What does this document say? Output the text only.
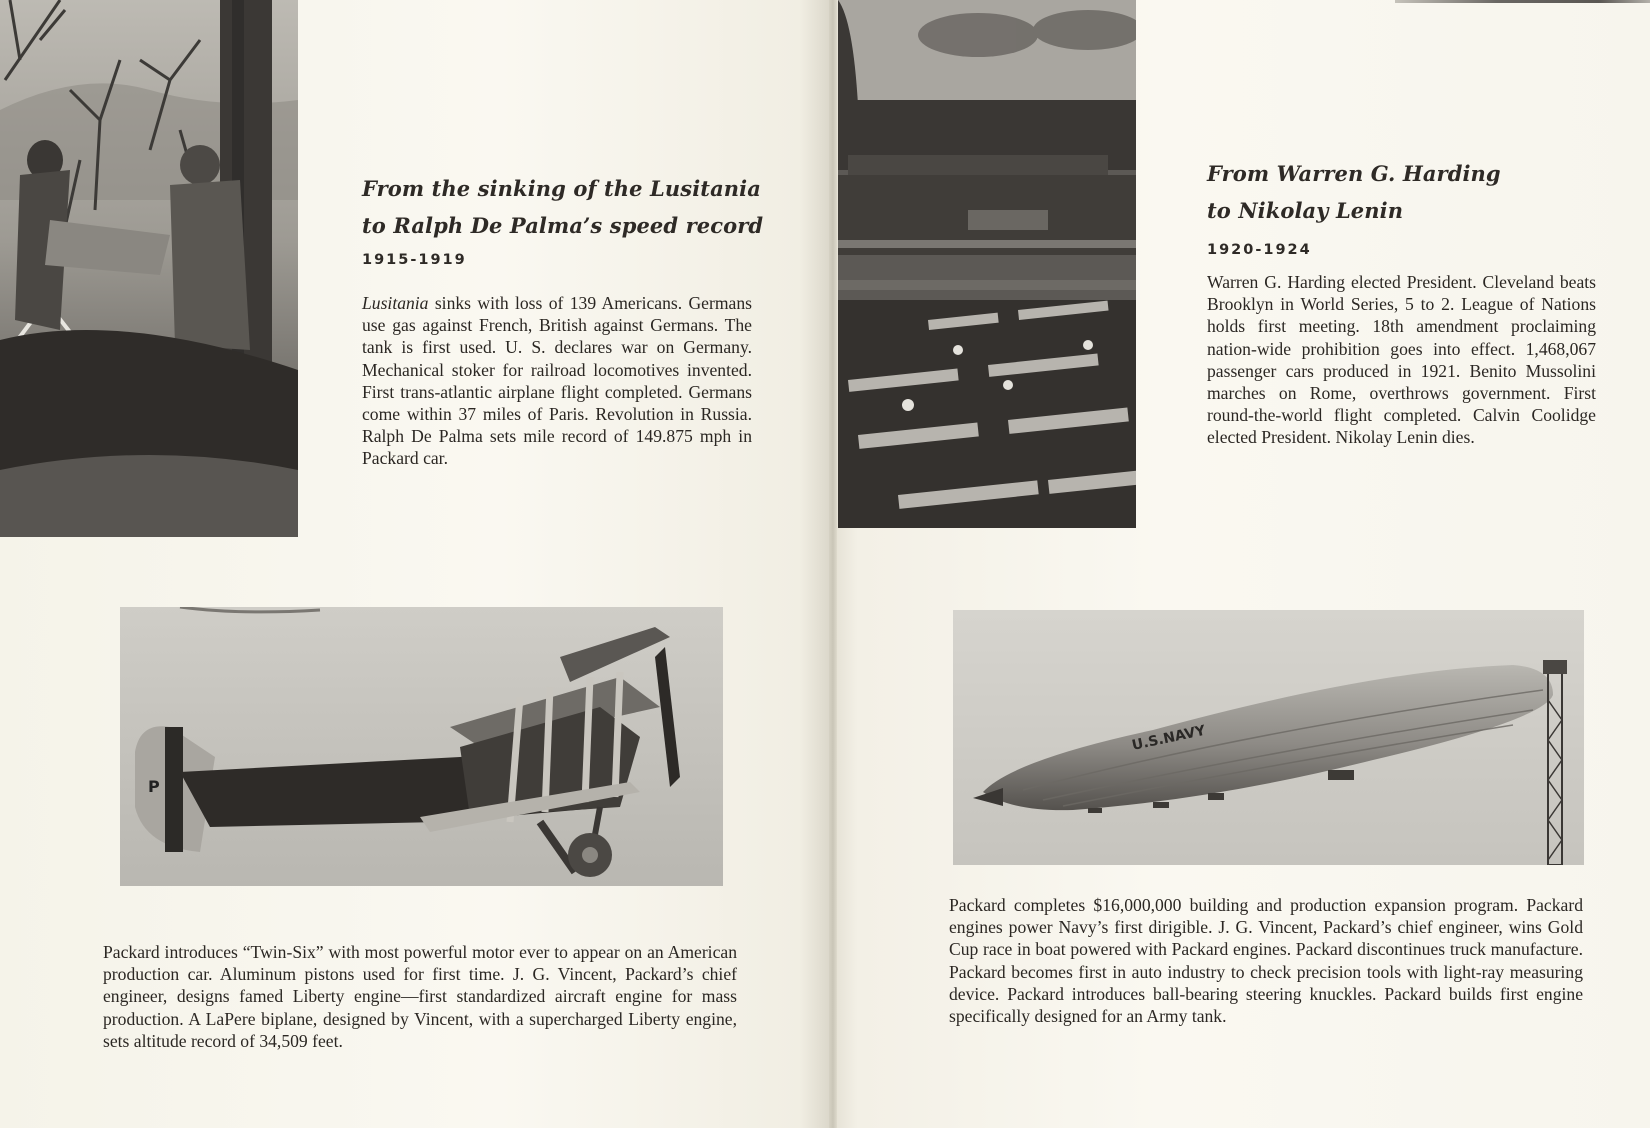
From the sinking of the Lusitania
to Ralph De Palma’s speed record
1915-1919
Lusitania sinks with loss of 139 Americans. Germans use gas against French, British against Germans. The tank is first used. U. S. declares war on Germany. Mechanical stoker for railroad locomotives invented. First trans-atlantic airplane flight completed. Germans come within 37 miles of Paris. Revolution in Russia. Ralph De Palma sets mile record of 149.875 mph in Packard car.
P
Packard introduces “Twin-Six” with most powerful motor ever to appear on an American production car. Aluminum pistons used for first time. J. G. Vincent, Packard’s chief engineer, designs famed Liberty engine—first standardized aircraft engine for mass production. A LaPere biplane, designed by Vincent, with a supercharged Liberty engine, sets altitude record of 34,509 feet.
From Warren G. Harding
to Nikolay Lenin
1920-1924
Warren G. Harding elected President. Cleveland beats Brooklyn in World Series, 5 to 2. League of Nations holds first meeting. 18th amendment proclaiming nation-wide prohibition goes into effect. 1,468,067 passenger cars produced in 1921. Benito Mussolini marches on Rome, overthrows government. First round-the-world flight completed. Calvin Coolidge elected President. Nikolay Lenin dies.
U.S.NAVY
Packard completes $16,000,000 building and production expansion program. Packard engines power Navy’s first dirigible. J. G. Vincent, Packard’s chief engineer, wins Gold Cup race in boat powered with Packard engines. Packard discontinues truck manufacture. Packard becomes first in auto industry to check precision tools with light-ray measuring device. Packard introduces ball-bearing steering knuckles. Packard builds first engine specifically designed for an Army tank.
